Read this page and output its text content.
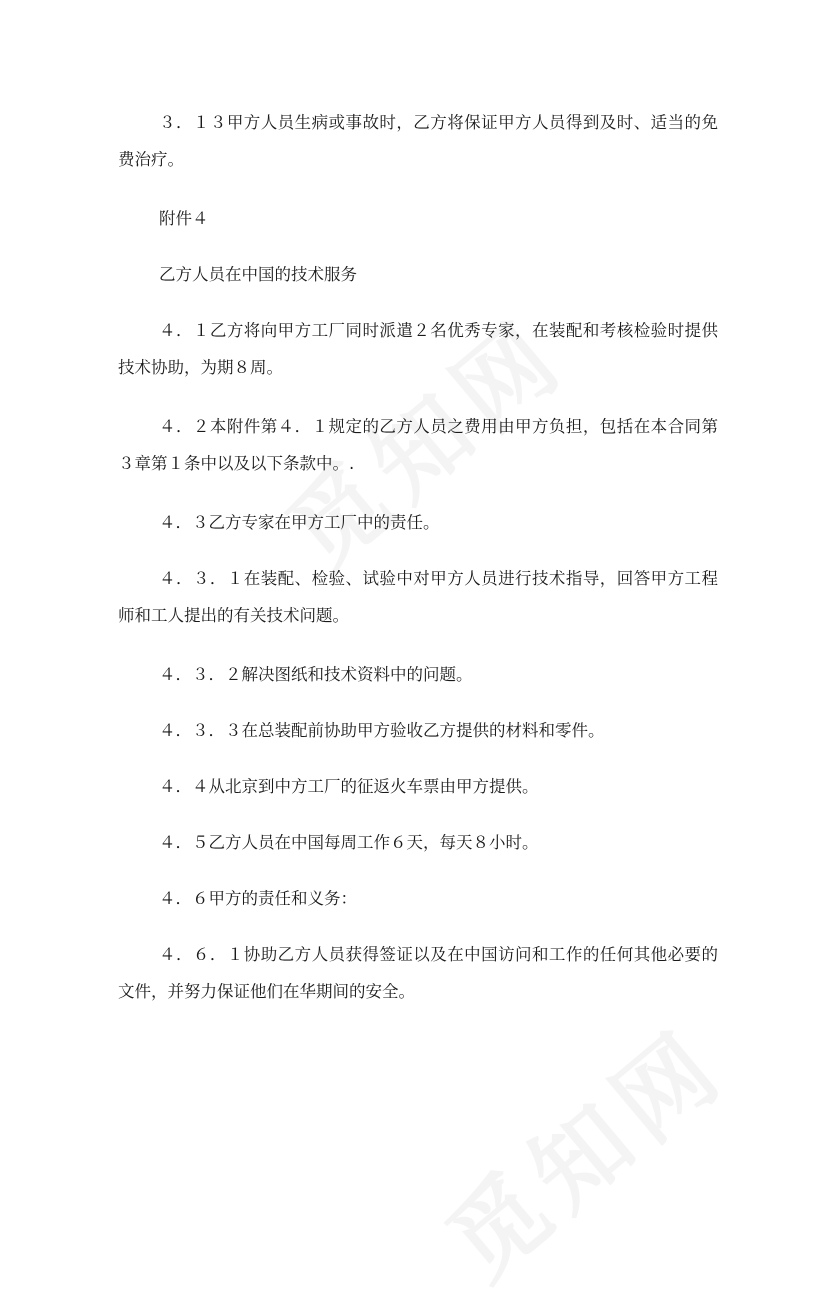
３．１３甲方人员生病或事故时，乙方将保证甲方人员得到及时、适当的免费治疗。

附件４

乙方人员在中国的技术服务

４．１乙方将向甲方工厂同时派遣２名优秀专家，在装配和考核检验时提供技术协助，为期８周。

４．２本附件第４．１规定的乙方人员之费用由甲方负担，包括在本合同第３章第１条中以及以下条款中。.

４．３乙方专家在甲方工厂中的责任。

４．３．１在装配、检验、试验中对甲方人员进行技术指导，回答甲方工程师和工人提出的有关技术问题。

４．３．２解决图纸和技术资料中的问题。

４．３．３在总装配前协助甲方验收乙方提供的材料和零件。

４．４从北京到中方工厂的征返火车票由甲方提供。

４．５乙方人员在中国每周工作６天，每天８小时。

４．６甲方的责任和义务：

４．６．１协助乙方人员获得签证以及在中国访问和工作的任何其他必要的文件，并努力保证他们在华期间的安全。
